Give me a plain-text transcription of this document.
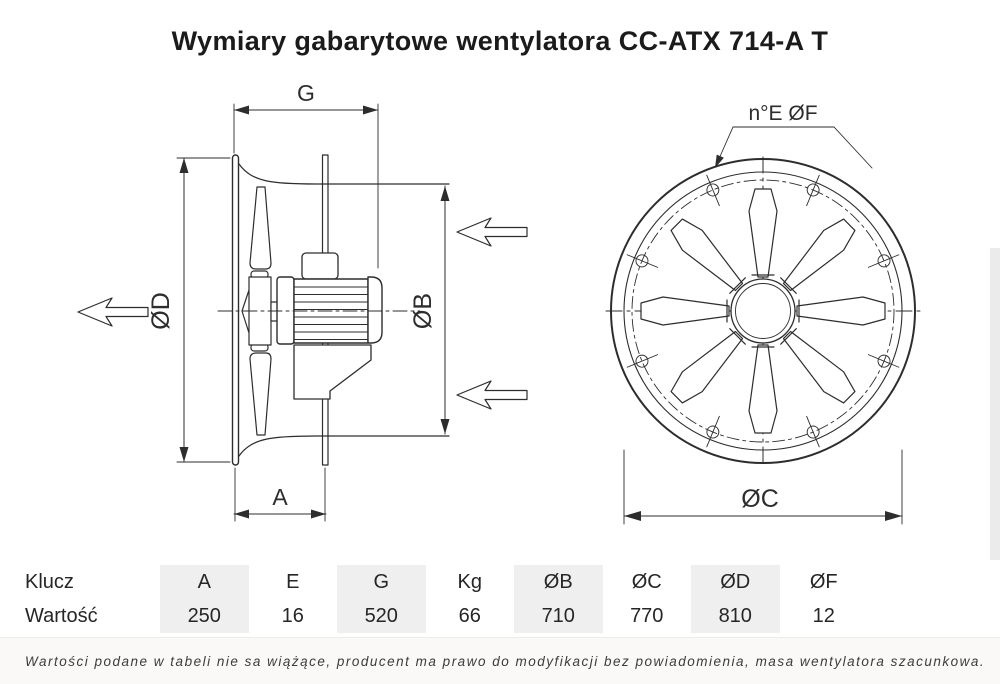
Wymiary gabarytowe wentylatora CC-ATX 714-A T
G
ØD	ØB
A
n°E ØF
ØC
Klucz
Wartość
A
250
E
16
G
520
Kg
66
ØB
710
ØC
770
ØD
810
ØF
12
Wartości podane w tabeli nie sa wiążące, producent ma prawo do modyfikacji bez powiadomienia, masa wentylatora szacunkowa.
